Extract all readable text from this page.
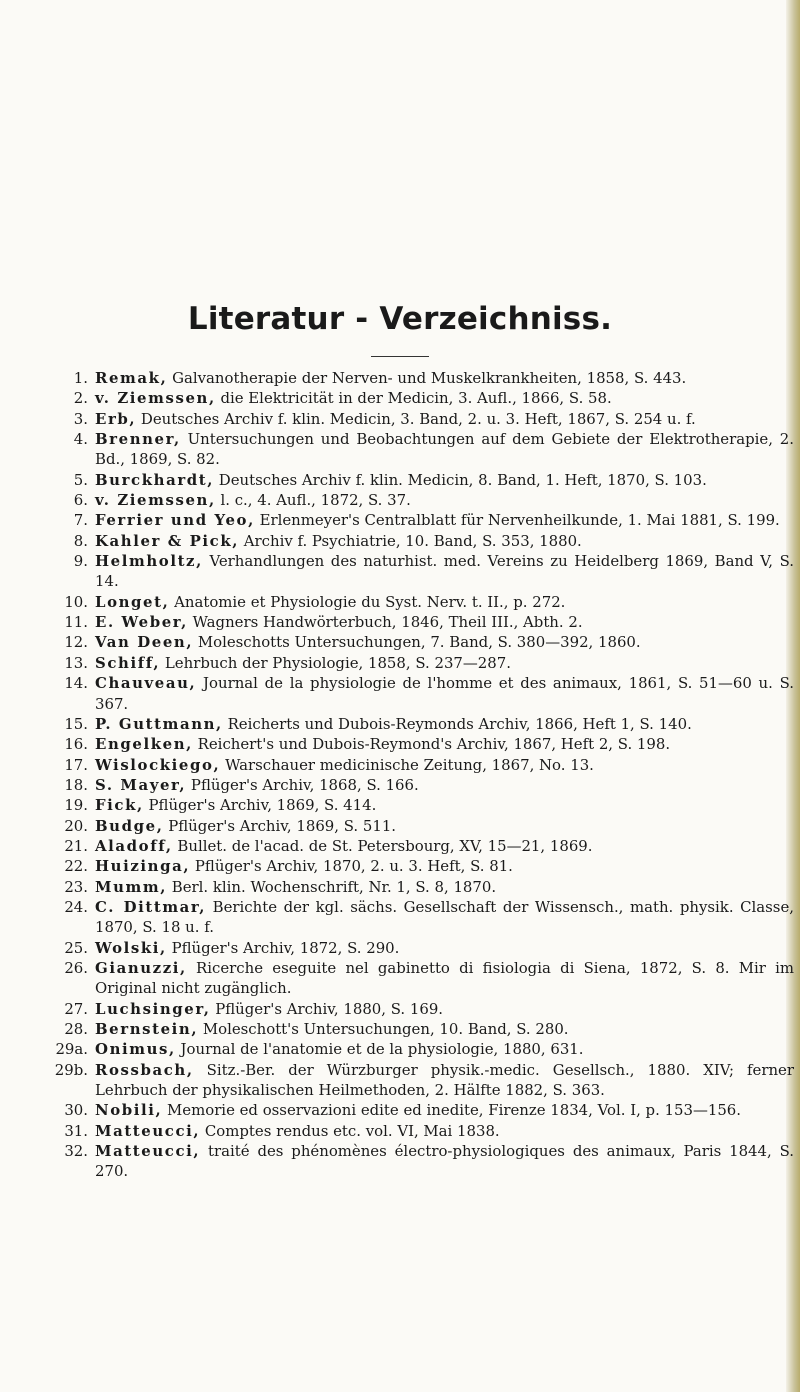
Literatur - Verzeichniss.
1. Remak, Galvanotherapie der Nerven- und Muskelkrankheiten, 1858, S. 443.
2. v. Ziemssen, die Elektricität in der Medicin, 3. Aufl., 1866, S. 58.
3. Erb, Deutsches Archiv f. klin. Medicin, 3. Band, 2. u. 3. Heft, 1867, S. 254 u. f.
4. Brenner, Untersuchungen und Beobachtungen auf dem Gebiete der Elektrotherapie, 2. Bd., 1869, S. 82.
5. Burckhardt, Deutsches Archiv f. klin. Medicin, 8. Band, 1. Heft, 1870, S. 103.
6. v. Ziemssen, l. c., 4. Aufl., 1872, S. 37.
7. Ferrier und Yeo, Erlenmeyer's Centralblatt für Nervenheilkunde, 1. Mai 1881, S. 199.
8. Kahler & Pick, Archiv f. Psychiatrie, 10. Band, S. 353, 1880.
9. Helmholtz, Verhandlungen des naturhist. med. Vereins zu Heidelberg 1869, Band V, S. 14.
10. Longet, Anatomie et Physiologie du Syst. Nerv. t. II., p. 272.
11. E. Weber, Wagners Handwörterbuch, 1846, Theil III., Abth. 2.
12. Van Deen, Moleschotts Untersuchungen, 7. Band, S. 380—392, 1860.
13. Schiff, Lehrbuch der Physiologie, 1858, S. 237—287.
14. Chauveau, Journal de la physiologie de l'homme et des animaux, 1861, S. 51—60 u. S. 367.
15. P. Guttmann, Reicherts und Dubois-Reymonds Archiv, 1866, Heft 1, S. 140.
16. Engelken, Reichert's und Dubois-Reymond's Archiv, 1867, Heft 2, S. 198.
17. Wislockiego, Warschauer medicinische Zeitung, 1867, No. 13.
18. S. Mayer, Pflüger's Archiv, 1868, S. 166.
19. Fick, Pflüger's Archiv, 1869, S. 414.
20. Budge, Pflüger's Archiv, 1869, S. 511.
21. Aladoff, Bullet. de l'acad. de St. Petersbourg, XV, 15—21, 1869.
22. Huizinga, Pflüger's Archiv, 1870, 2. u. 3. Heft, S. 81.
23. Mumm, Berl. klin. Wochenschrift, Nr. 1, S. 8, 1870.
24. C. Dittmar, Berichte der kgl. sächs. Gesellschaft der Wissensch., math. physik. Classe, 1870, S. 18 u. f.
25. Wolski, Pflüger's Archiv, 1872, S. 290.
26. Gianuzzi, Ricerche eseguite nel gabinetto di fisiologia di Siena, 1872, S. 8. Mir im Original nicht zugänglich.
27. Luchsinger, Pflüger's Archiv, 1880, S. 169.
28. Bernstein, Moleschott's Untersuchungen, 10. Band, S. 280.
29a. Onimus, Journal de l'anatomie et de la physiologie, 1880, 631.
29b. Rossbach, Sitz.-Ber. der Würzburger physik.-medic. Gesellsch., 1880. XIV; ferner Lehrbuch der physikalischen Heilmethoden, 2. Hälfte 1882, S. 363.
30. Nobili, Memorie ed osservazioni edite ed inedite, Firenze 1834, Vol. I, p. 153—156.
31. Matteucci, Comptes rendus etc. vol. VI, Mai 1838.
32. Matteucci, traité des phénomènes électro-physiologiques des animaux, Paris 1844, S. 270.
